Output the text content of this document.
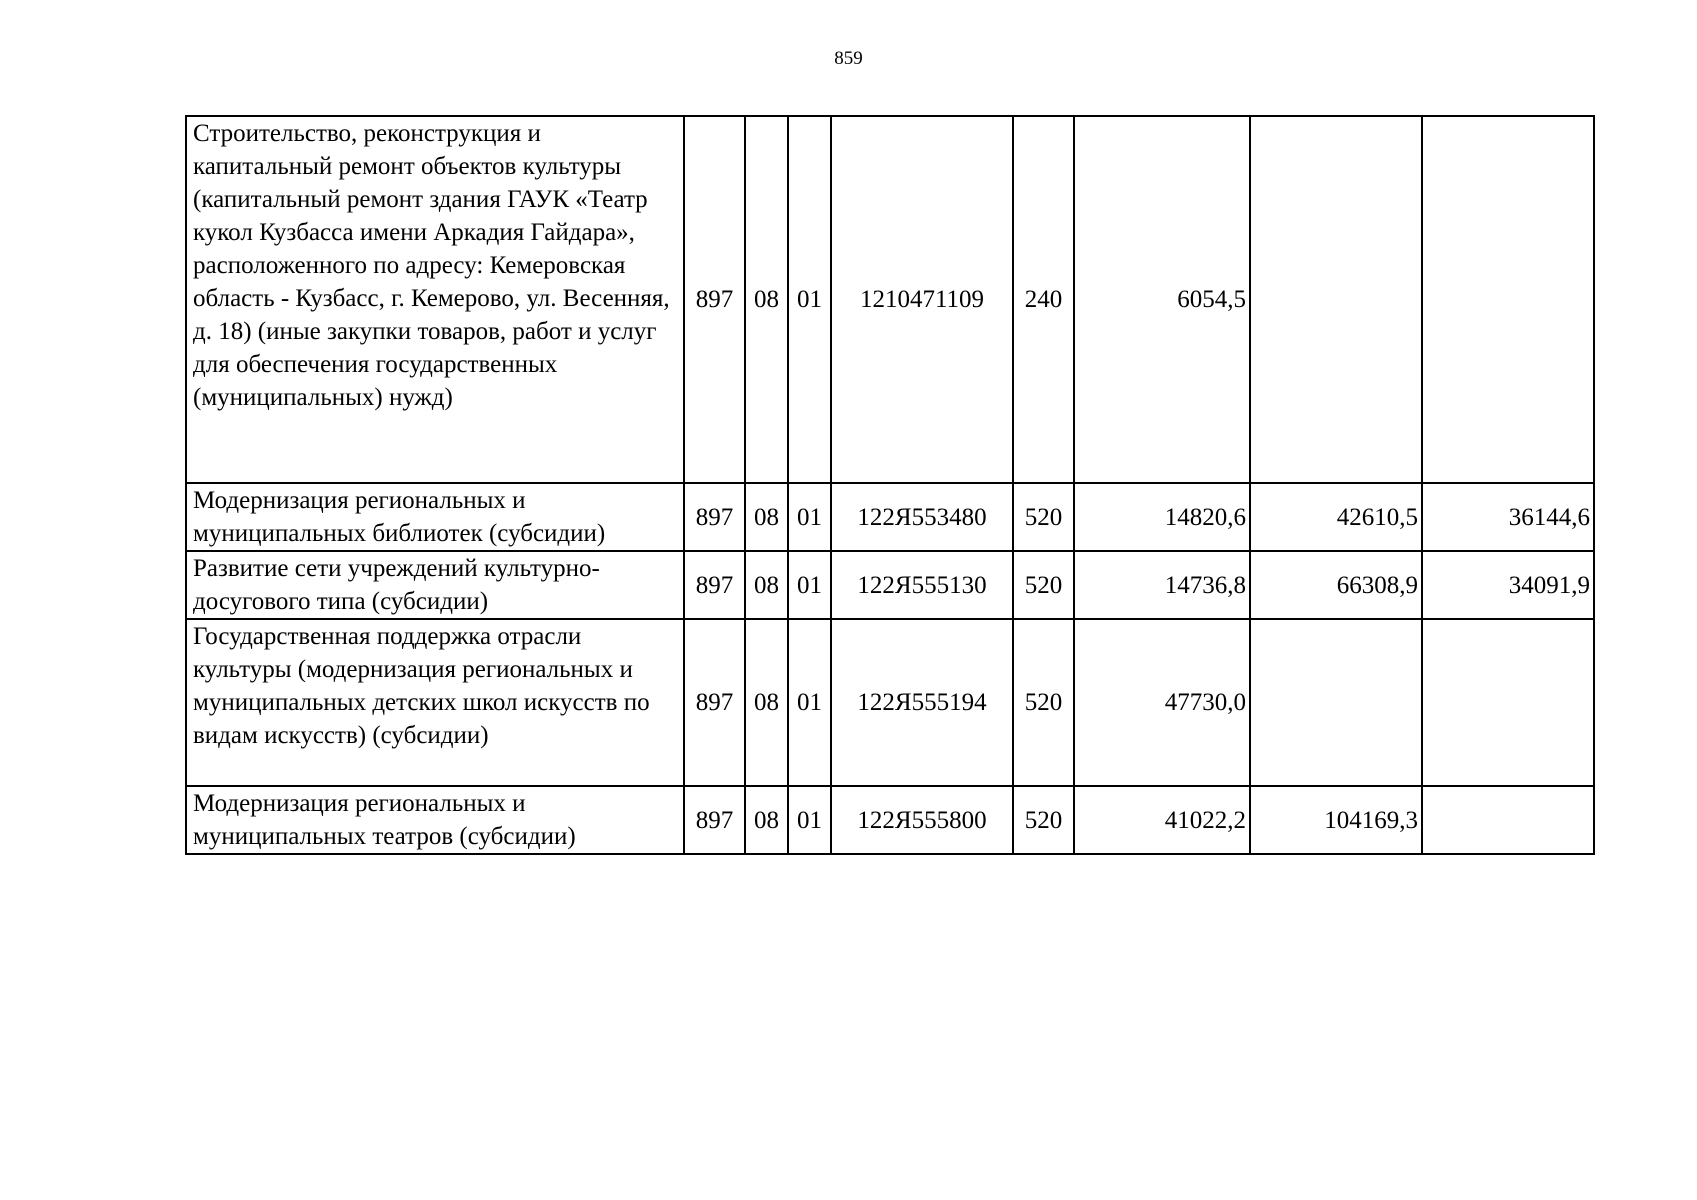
859
Строительство, реконструкция и капитальный ремонт объектов культуры (капитальный ремонт здания ГАУК «Театр кукол Кузбасса имени Аркадия Гайдара», расположенного по адресу: Кемеровская область - Кузбасс, г. Кемерово, ул. Весенняя, д. 18) (иные закупки товаров, работ и услуг для обеспечения государственных (муниципальных) нужд)	897	08	01	1210471109	240	6054,5		
Модернизация региональных и муниципальных библиотек (субсидии)	897	08	01	122Я553480	520	14820,6	42610,5	36144,6
Развитие сети учреждений культурно-досугового типа (субсидии)	897	08	01	122Я555130	520	14736,8	66308,9	34091,9
Государственная поддержка отрасли культуры (модернизация региональных и муниципальных детских школ искусств по видам искусств) (субсидии)	897	08	01	122Я555194	520	47730,0		
Модернизация региональных и муниципальных театров (субсидии)	897	08	01	122Я555800	520	41022,2	104169,3	
